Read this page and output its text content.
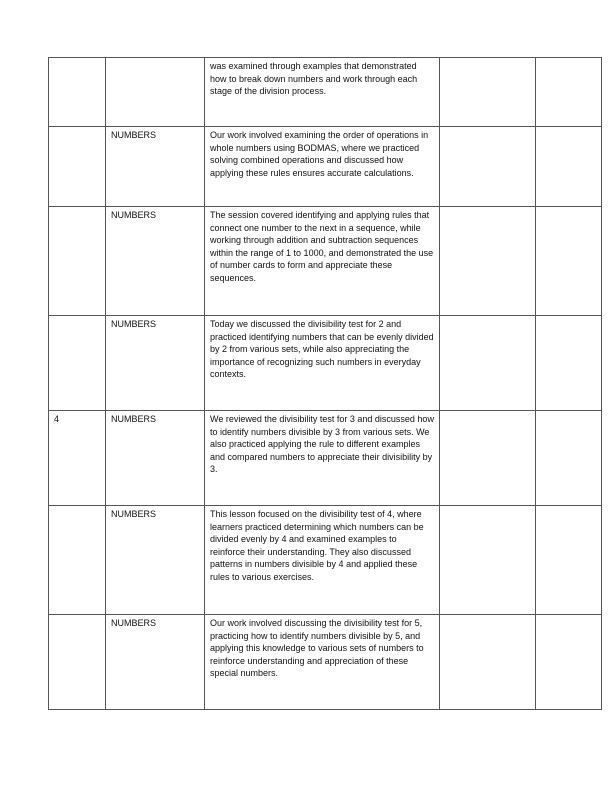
		was examined through examples that demonstrated how to break down numbers and work through each stage of the division process.		

	NUMBERS	Our work involved examining the order of operations in whole numbers using BODMAS, where we practiced solving combined operations and discussed how applying these rules ensures accurate calculations.		

	NUMBERS	The session covered identifying and applying rules that connect one number to the next in a sequence, while working through addition and subtraction sequences within the range of 1 to 1000, and demonstrated the use of number cards to form and appreciate these sequences.		

	NUMBERS	Today we discussed the divisibility test for 2 and practiced identifying numbers that can be evenly divided by 2 from various sets, while also appreciating the importance of recognizing such numbers in everyday contexts.		

4	NUMBERS	We reviewed the divisibility test for 3 and discussed how to identify numbers divisible by 3 from various sets. We also practiced applying the rule to different examples and compared numbers to appreciate their divisibility by 3.		

	NUMBERS	This lesson focused on the divisibility test of 4, where learners practiced determining which numbers can be divided evenly by 4 and examined examples to reinforce their understanding. They also discussed patterns in numbers divisible by 4 and applied these rules to various exercises.		

	NUMBERS	Our work involved discussing the divisibility test for 5, practicing how to identify numbers divisible by 5, and applying this knowledge to various sets of numbers to reinforce understanding and appreciation of these special numbers.		
